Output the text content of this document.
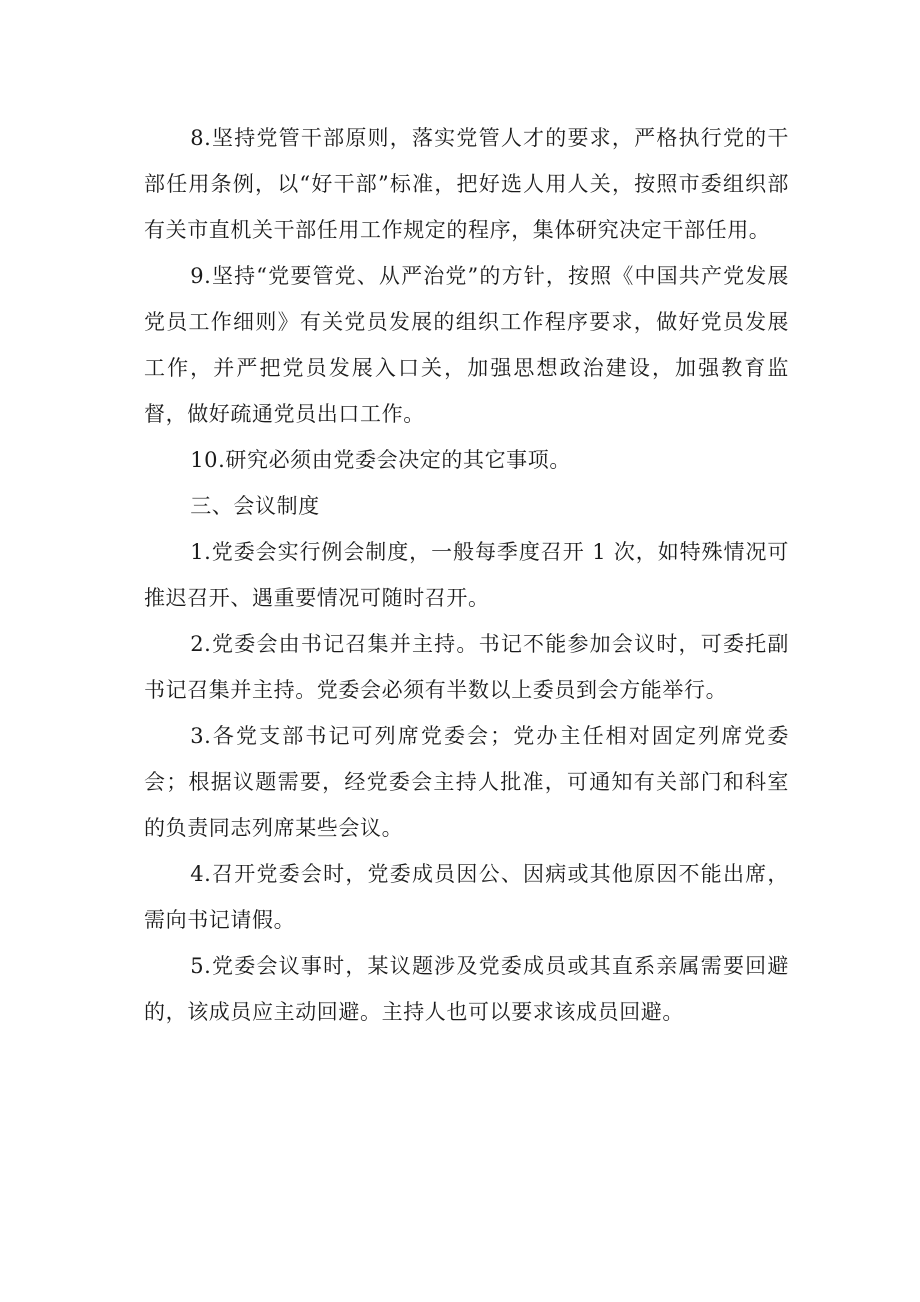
8.坚持党管干部原则，落实党管人才的要求，严格执行党的干部任用条例，以“好干部”标准，把好选人用人关，按照市委组织部有关市直机关干部任用工作规定的程序，集体研究决定干部任用。

9.坚持“党要管党、从严治党”的方针，按照《中国共产党发展党员工作细则》有关党员发展的组织工作程序要求，做好党员发展工作，并严把党员发展入口关，加强思想政治建设，加强教育监督，做好疏通党员出口工作。

10.研究必须由党委会决定的其它事项。

三、会议制度

1.党委会实行例会制度，一般每季度召开 1 次，如特殊情况可推迟召开、遇重要情况可随时召开。

2.党委会由书记召集并主持。书记不能参加会议时，可委托副书记召集并主持。党委会必须有半数以上委员到会方能举行。

3.各党支部书记可列席党委会；党办主任相对固定列席党委会；根据议题需要，经党委会主持人批准，可通知有关部门和科室的负责同志列席某些会议。

4.召开党委会时，党委成员因公、因病或其他原因不能出席，需向书记请假。

5.党委会议事时，某议题涉及党委成员或其直系亲属需要回避的，该成员应主动回避。主持人也可以要求该成员回避。
